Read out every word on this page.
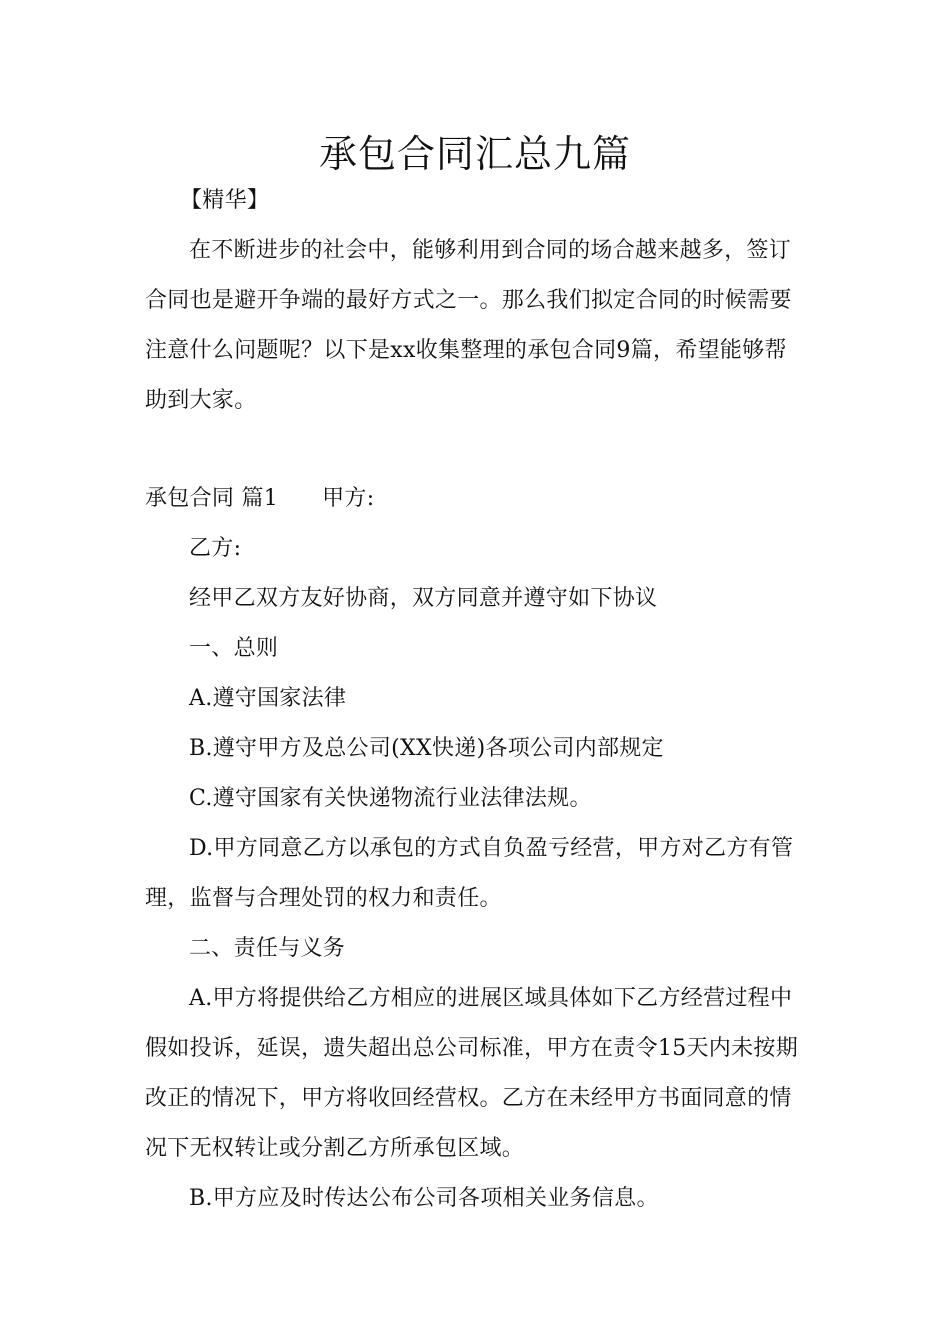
承包合同汇总九篇
【精华】
在不断进步的社会中，能够利用到合同的场合越来越多，签订
合同也是避开争端的最好方式之一。那么我们拟定合同的时候需要
注意什么问题呢？以下是xx收集整理的承包合同9篇，希望能够帮
助到大家。
承包合同 篇1 甲方:
乙方:
经甲乙双方友好协商，双方同意并遵守如下协议
一、总则
A.遵守国家法律
B.遵守甲方及总公司(XX快递)各项公司内部规定
C.遵守国家有关快递物流行业法律法规。
D.甲方同意乙方以承包的方式自负盈亏经营，甲方对乙方有管
理，监督与合理处罚的权力和责任。
二、责任与义务
A.甲方将提供给乙方相应的进展区域具体如下乙方经营过程中
假如投诉，延误，遗失超出总公司标准，甲方在责令15天内未按期
改正的情况下，甲方将收回经营权。乙方在未经甲方书面同意的情
况下无权转让或分割乙方所承包区域。
B.甲方应及时传达公布公司各项相关业务信息。
